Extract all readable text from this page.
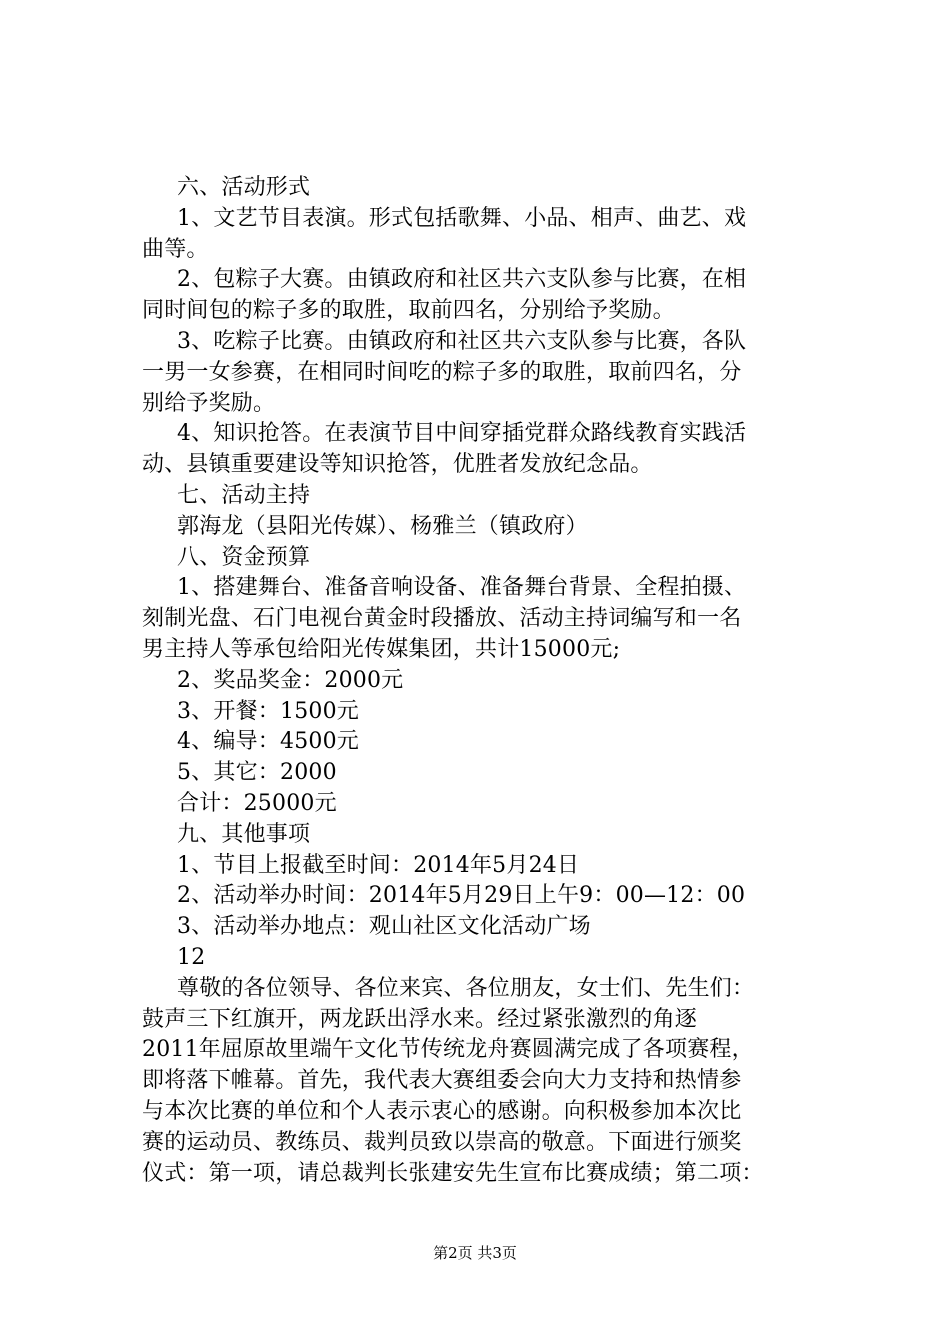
六、活动形式
1、文艺节目表演。形式包括歌舞、小品、相声、曲艺、戏
曲等。
2、包粽子大赛。由镇政府和社区共六支队参与比赛，在相
同时间包的粽子多的取胜，取前四名，分别给予奖励。
3、吃粽子比赛。由镇政府和社区共六支队参与比赛，各队
一男一女参赛，在相同时间吃的粽子多的取胜，取前四名，分
别给予奖励。
4、知识抢答。在表演节目中间穿插党群众路线教育实践活
动、县镇重要建设等知识抢答，优胜者发放纪念品。
七、活动主持
郭海龙（县阳光传媒）、杨雅兰（镇政府）
八、资金预算
1、搭建舞台、准备音响设备、准备舞台背景、全程拍摄、
刻制光盘、石门电视台黄金时段播放、活动主持词编写和一名
男主持人等承包给阳光传媒集团，共计15000元;
2、奖品奖金：2000元
3、开餐：1500元
4、编导：4500元
5、其它：2000
合计：25000元
九、其他事项
1、节目上报截至时间：2014年5月24日
2、活动举办时间：2014年5月29日上午9：00—12：00
3、活动举办地点：观山社区文化活动广场
12
尊敬的各位领导、各位来宾、各位朋友，女士们、先生们：
鼓声三下红旗开，两龙跃出浮水来。经过紧张激烈的角逐
2011年屈原故里端午文化节传统龙舟赛圆满完成了各项赛程，
即将落下帷幕。首先，我代表大赛组委会向大力支持和热情参
与本次比赛的单位和个人表示衷心的感谢。向积极参加本次比
赛的运动员、教练员、裁判员致以崇高的敬意。下面进行颁奖
仪式：第一项，请总裁判长张建安先生宣布比赛成绩；第二项：
第2页 共3页
